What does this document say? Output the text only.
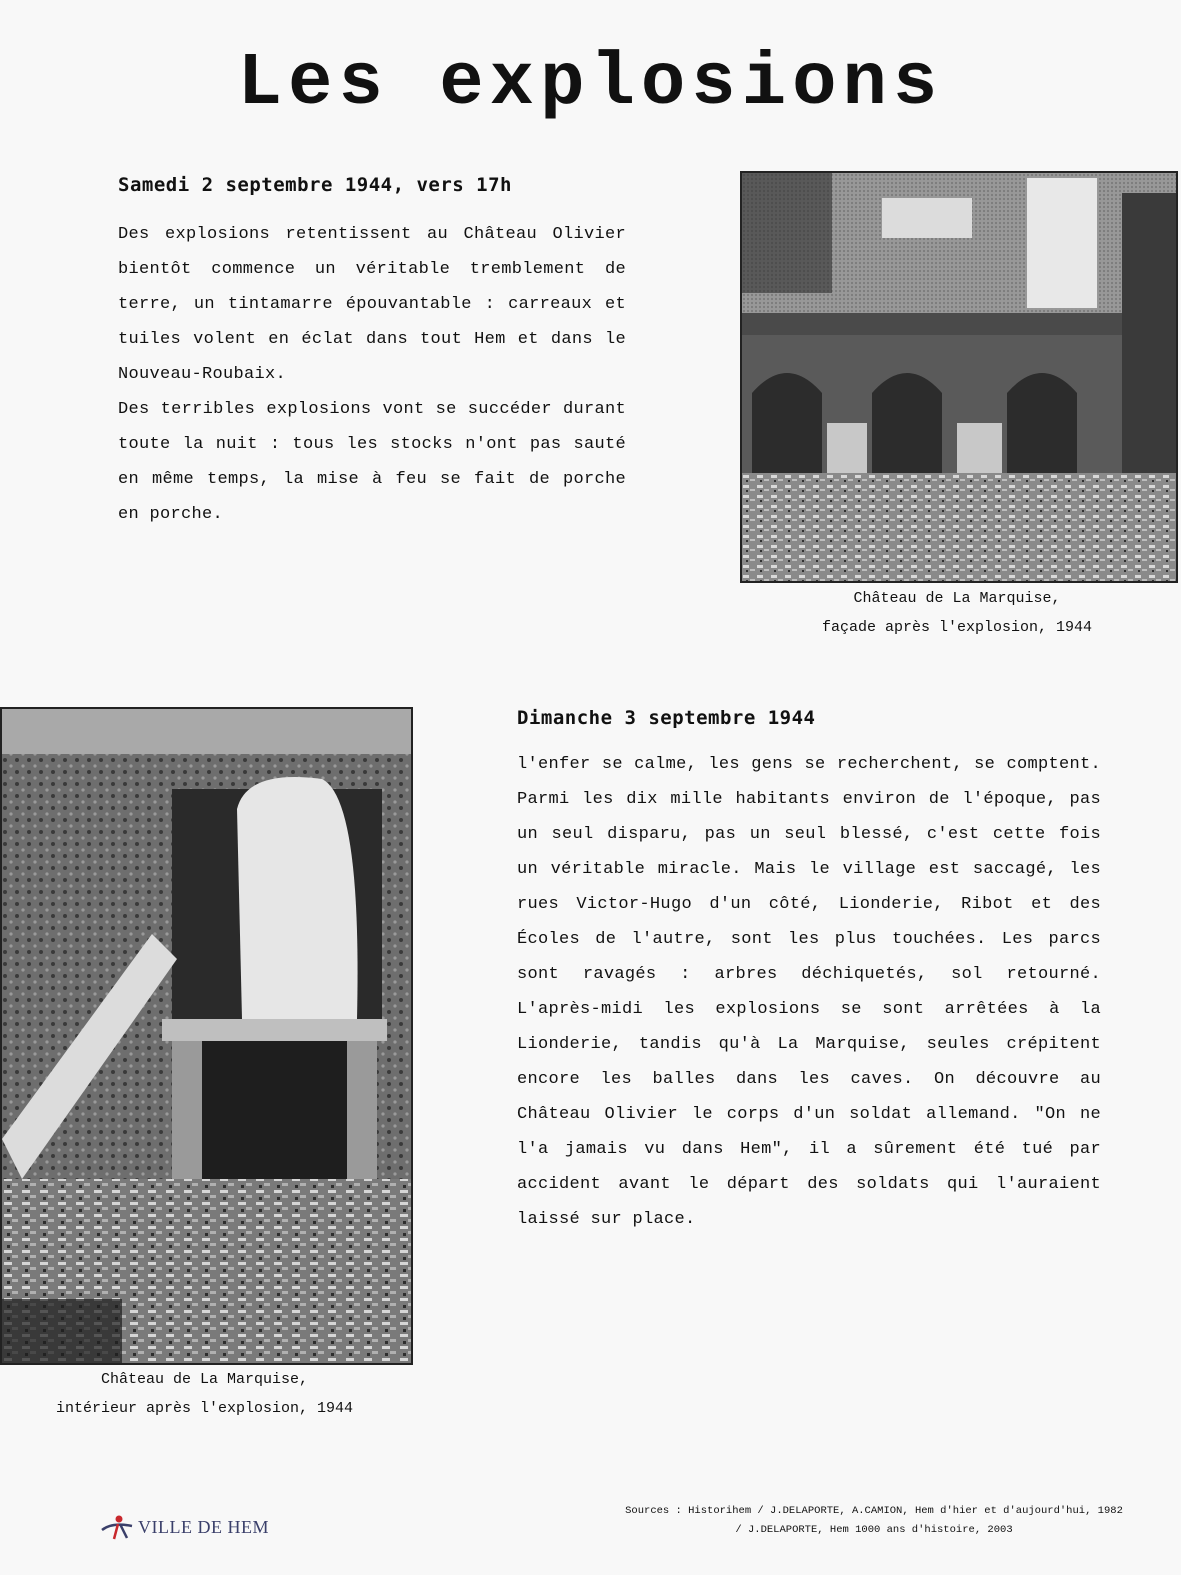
Les explosions
Samedi 2 septembre 1944, vers 17h

Des explosions retentissent au Château Olivier bientôt commence un véritable tremblement de terre, un tintamarre épouvantable : carreaux et tuiles volent en éclat dans tout Hem et dans le Nouveau-Roubaix.

Des terribles explosions vont se succéder durant toute la nuit : tous les stocks n'ont pas sauté en même temps, la mise à feu se fait de porche en porche.

Château de La Marquise,
façade après l'explosion, 1944
Château de La Marquise,
intérieur après l'explosion, 1944
Dimanche 3 septembre 1944

l'enfer se calme, les gens se recherchent, se comptent. Parmi les dix mille habitants environ de l'époque, pas un seul disparu, pas un seul blessé, c'est cette fois un véritable miracle. Mais le village est saccagé, les rues Victor-Hugo d'un côté, Lionderie, Ribot et des Écoles de l'autre, sont les plus touchées. Les parcs sont ravagés : arbres déchiquetés, sol retourné. L'après-midi les explosions se sont arrêtées à la Lionderie, tandis qu'à La Marquise, seules crépitent encore les balles dans les caves. On découvre au Château Olivier le corps d'un soldat allemand. "On ne l'a jamais vu dans Hem", il a sûrement été tué par accident avant le départ des soldats qui l'auraient laissé sur place.

VILLE DE HEM
Sources : Historihem / J.DELAPORTE, A.CAMION, Hem d'hier et d'aujourd'hui, 1982
/ J.DELAPORTE, Hem 1000 ans d'histoire, 2003
